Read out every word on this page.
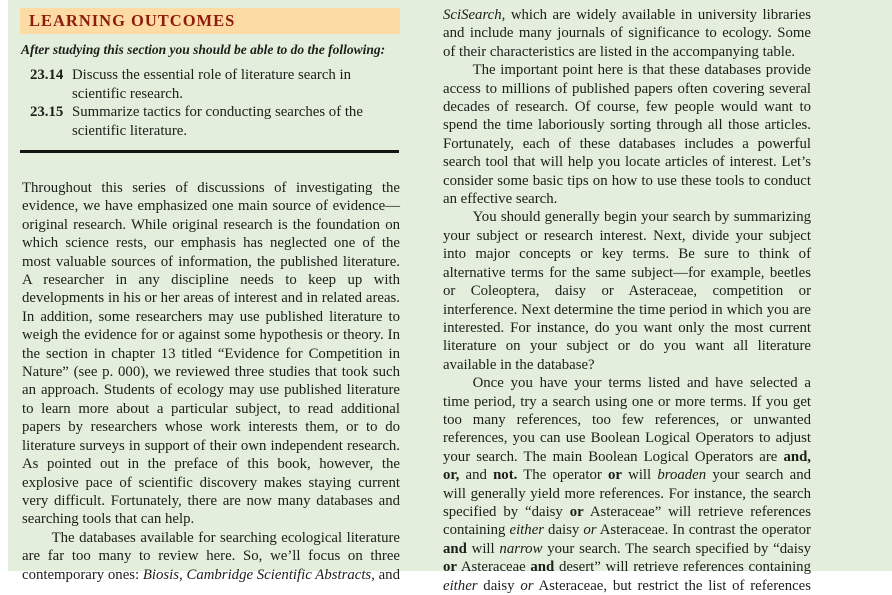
LEARNING OUTCOMES

After studying this section you should be able to do the following:

23.14 Discuss the essential role of literature search in scientific research.
23.15 Summarize tactics for conducting searches of the scientific literature.

Throughout this series of discussions of investigating the evidence, we have emphasized one main source of evidence—original research. While original research is the foundation on which science rests, our emphasis has neglected one of the most valuable sources of information, the published literature. A researcher in any discipline needs to keep up with developments in his or her areas of interest and in related areas. In addition, some researchers may use published literature to weigh the evidence for or against some hypothesis or theory. In the section in chapter 13 titled “Evidence for Competition in Nature” (see p. 000), we reviewed three studies that took such an approach. Students of ecology may use published literature to learn more about a particular subject, to read additional papers by researchers whose work interests them, or to do literature surveys in support of their own independent research. As pointed out in the preface of this book, however, the explosive pace of scientific discovery makes staying current very difficult. Fortunately, there are now many databases and searching tools that can help.

The databases available for searching ecological literature are far too many to review here. So, we’ll focus on three contemporary ones: Biosis, Cambridge Scientific Abstracts, and

SciSearch, which are widely available in university libraries and include many journals of significance to ecology. Some of their characteristics are listed in the accompanying table.

The important point here is that these databases provide access to millions of published papers often covering several decades of research. Of course, few people would want to spend the time laboriously sorting through all those articles. Fortunately, each of these databases includes a powerful search tool that will help you locate articles of interest. Let’s consider some basic tips on how to use these tools to conduct an effective search.

You should generally begin your search by summarizing your subject or research interest. Next, divide your subject into major concepts or key terms. Be sure to think of alternative terms for the same subject—for example, beetles or Coleoptera, daisy or Asteraceae, competition or interference. Next determine the time period in which you are interested. For instance, do you want only the most current literature on your subject or do you want all literature available in the database?

Once you have your terms listed and have selected a time period, try a search using one or more terms. If you get too many references, too few references, or unwanted references, you can use Boolean Logical Operators to adjust your search. The main Boolean Logical Operators are and, or, and not. The operator or will broaden your search and will generally yield more references. For instance, the search specified by “daisy or Asteraceae” will retrieve references containing either daisy or Asteraceae. In contrast the operator and will narrow your search. The search specified by “daisy or Asteraceae and desert” will retrieve references containing either daisy or Asteraceae, but restrict the list of references
